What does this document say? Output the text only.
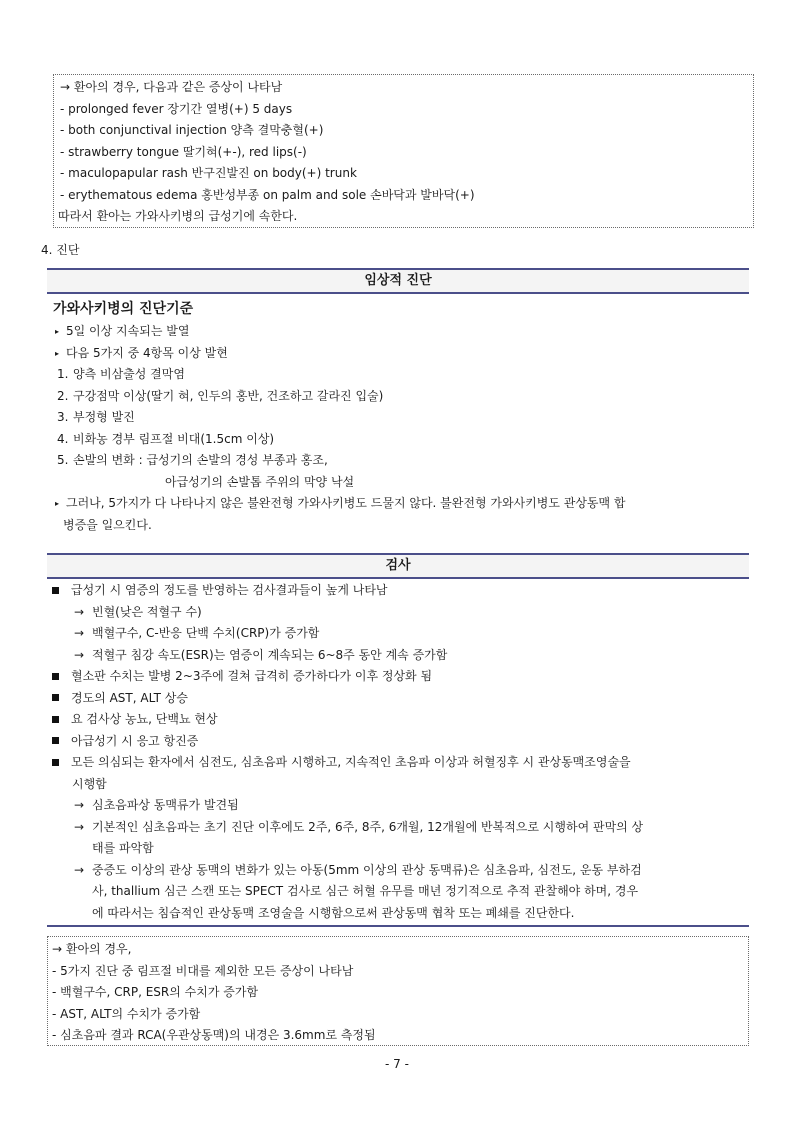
→ 환아의 경우, 다음과 같은 증상이 나타남
- prolonged fever 장기간 열병(+) 5 days
- both conjunctival injection 양측 결막충혈(+)
- strawberry tongue 딸기혀(+-), red lips(-)
- maculopapular rash 반구진발진 on body(+) trunk
- erythematous edema 홍반성부종 on palm and sole 손바닥과 발바닥(+)
따라서 환아는 가와사키병의 급성기에 속한다.
4. 진단
임상적 진단
가와사키병의 진단기준
▸ 5일 이상 지속되는 발열
▸ 다음 5가지 중 4항목 이상 발현
1. 양측 비삼출성 결막염
2. 구강점막 이상(딸기 혀, 인두의 홍반, 건조하고 갈라진 입술)
3. 부정형 발진
4. 비화농 경부 림프절 비대(1.5cm 이상)
5. 손발의 변화 : 급성기의 손발의 경성 부종과 홍조,
아급성기의 손발톱 주위의 막양 낙설
▸ 그러나, 5가지가 다 나타나지 않은 불완전형 가와사키병도 드물지 않다. 불완전형 가와사키병도 관상동맥 합
병증을 일으킨다.
검사
급성기 시 염증의 정도를 반영하는 검사결과들이 높게 나타남
→ 빈혈(낮은 적혈구 수)
→ 백혈구수, C-반응 단백 수치(CRP)가 증가함
→ 적혈구 침강 속도(ESR)는 염증이 계속되는 6~8주 동안 계속 증가함
혈소판 수치는 발병 2~3주에 걸쳐 급격히 증가하다가 이후 정상화 됨
경도의 AST, ALT 상승
요 검사상 농뇨, 단백뇨 현상
아급성기 시 응고 항진증
모든 의심되는 환자에서 심전도, 심초음파 시행하고, 지속적인 초음파 이상과 허혈징후 시 관상동맥조영술을
시행함
→ 심초음파상 동맥류가 발견됨
→ 기본적인 심초음파는 초기 진단 이후에도 2주, 6주, 8주, 6개월, 12개월에 반복적으로 시행하여 판막의 상
태를 파악함
→ 중증도 이상의 관상 동맥의 변화가 있는 아동(5mm 이상의 관상 동맥류)은 심초음파, 심전도, 운동 부하검
사, thallium 심근 스캔 또는 SPECT 검사로 심근 허혈 유무를 매년 정기적으로 추적 관찰해야 하며, 경우
에 따라서는 침습적인 관상동맥 조영술을 시행함으로써 관상동맥 협착 또는 폐쇄를 진단한다.
→ 환아의 경우,
- 5가지 진단 중 림프절 비대를 제외한 모든 증상이 나타남
- 백혈구수, CRP, ESR의 수치가 증가함
- AST, ALT의 수치가 증가함
- 심초음파 결과 RCA(우관상동맥)의 내경은 3.6mm로 측정됨
- 7 -
